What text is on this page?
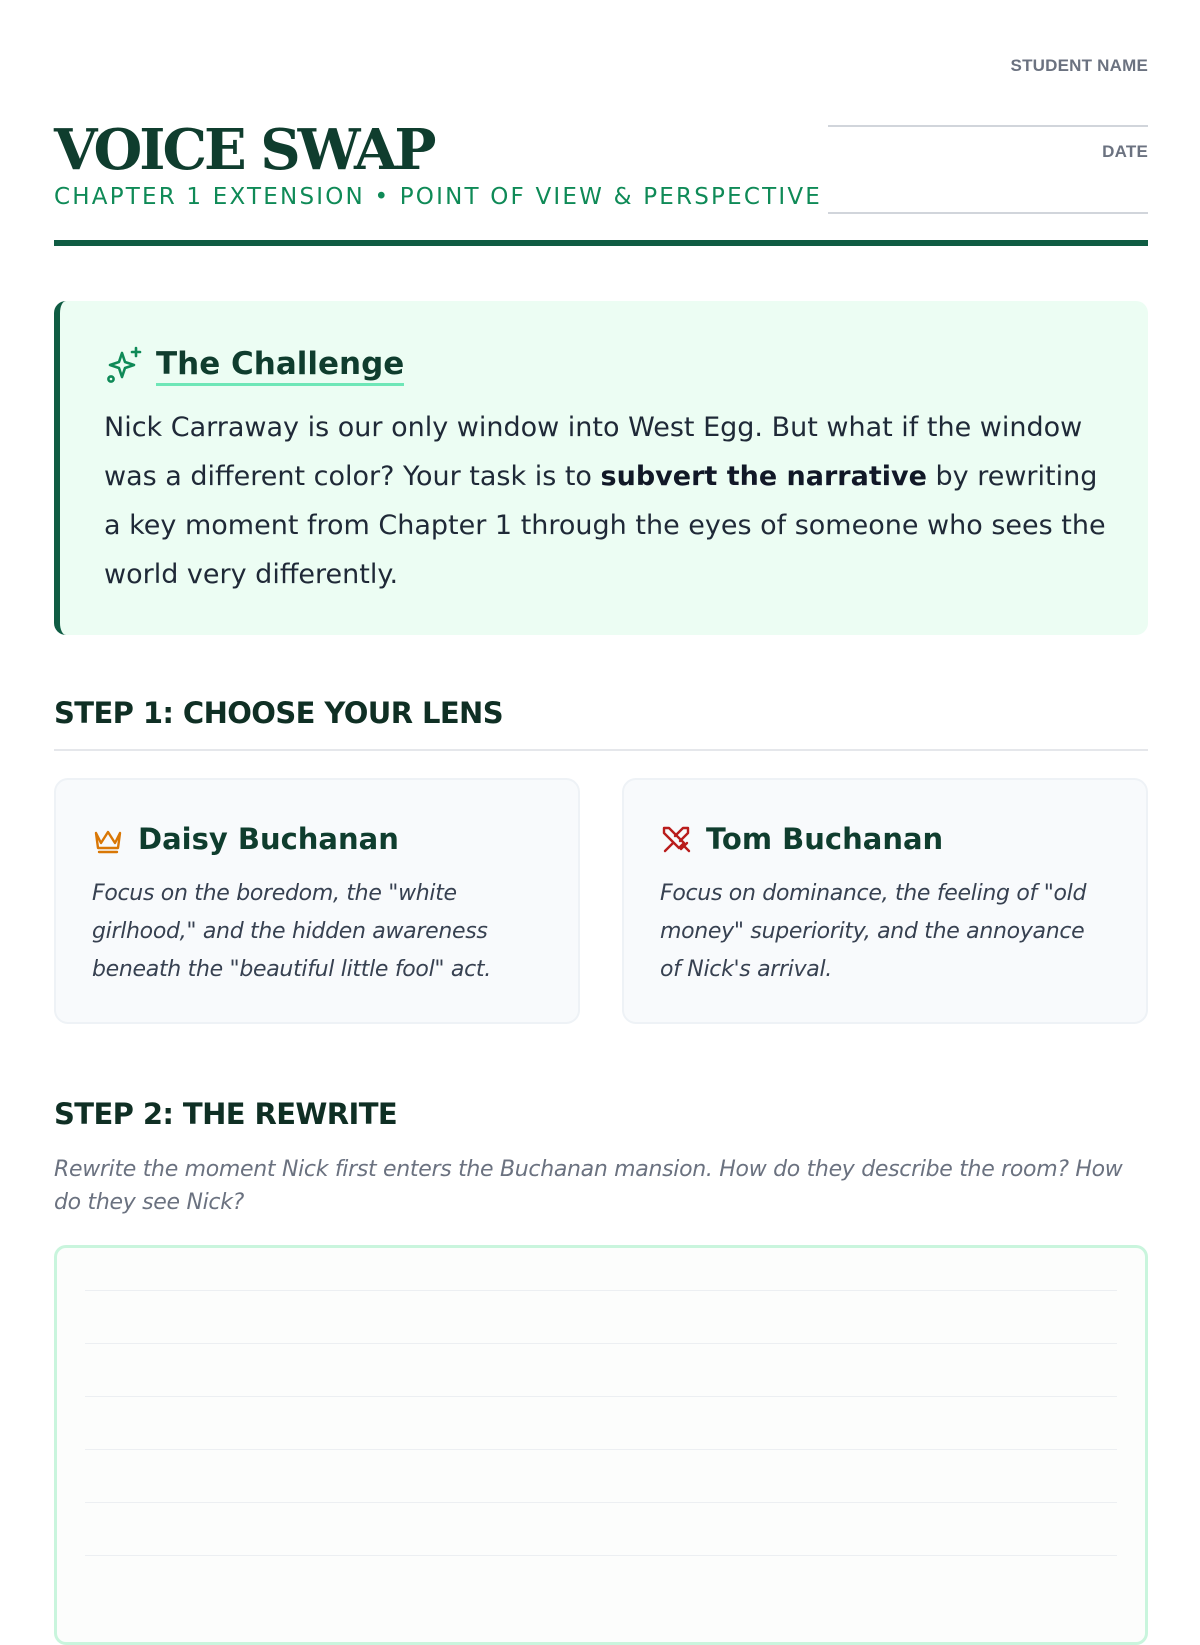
VOICE SWAP
CHAPTER 1 EXTENSION • POINT OF VIEW & PERSPECTIVE
STUDENT NAME
DATE
The Challenge
Nick Carraway is our only window into West Egg. But what if the window was a different color? Your task is to subvert the narrative by rewriting a key moment from Chapter 1 through the eyes of someone who sees the world very differently.
STEP 1: CHOOSE YOUR LENS
Daisy Buchanan
Focus on the boredom, the "white girlhood," and the hidden awareness beneath the "beautiful little fool" act.
Tom Buchanan
Focus on dominance, the feeling of "old money" superiority, and the annoyance of Nick's arrival.
STEP 2: THE REWRITE
Rewrite the moment Nick first enters the Buchanan mansion. How do they describe the room? How do they see Nick?
